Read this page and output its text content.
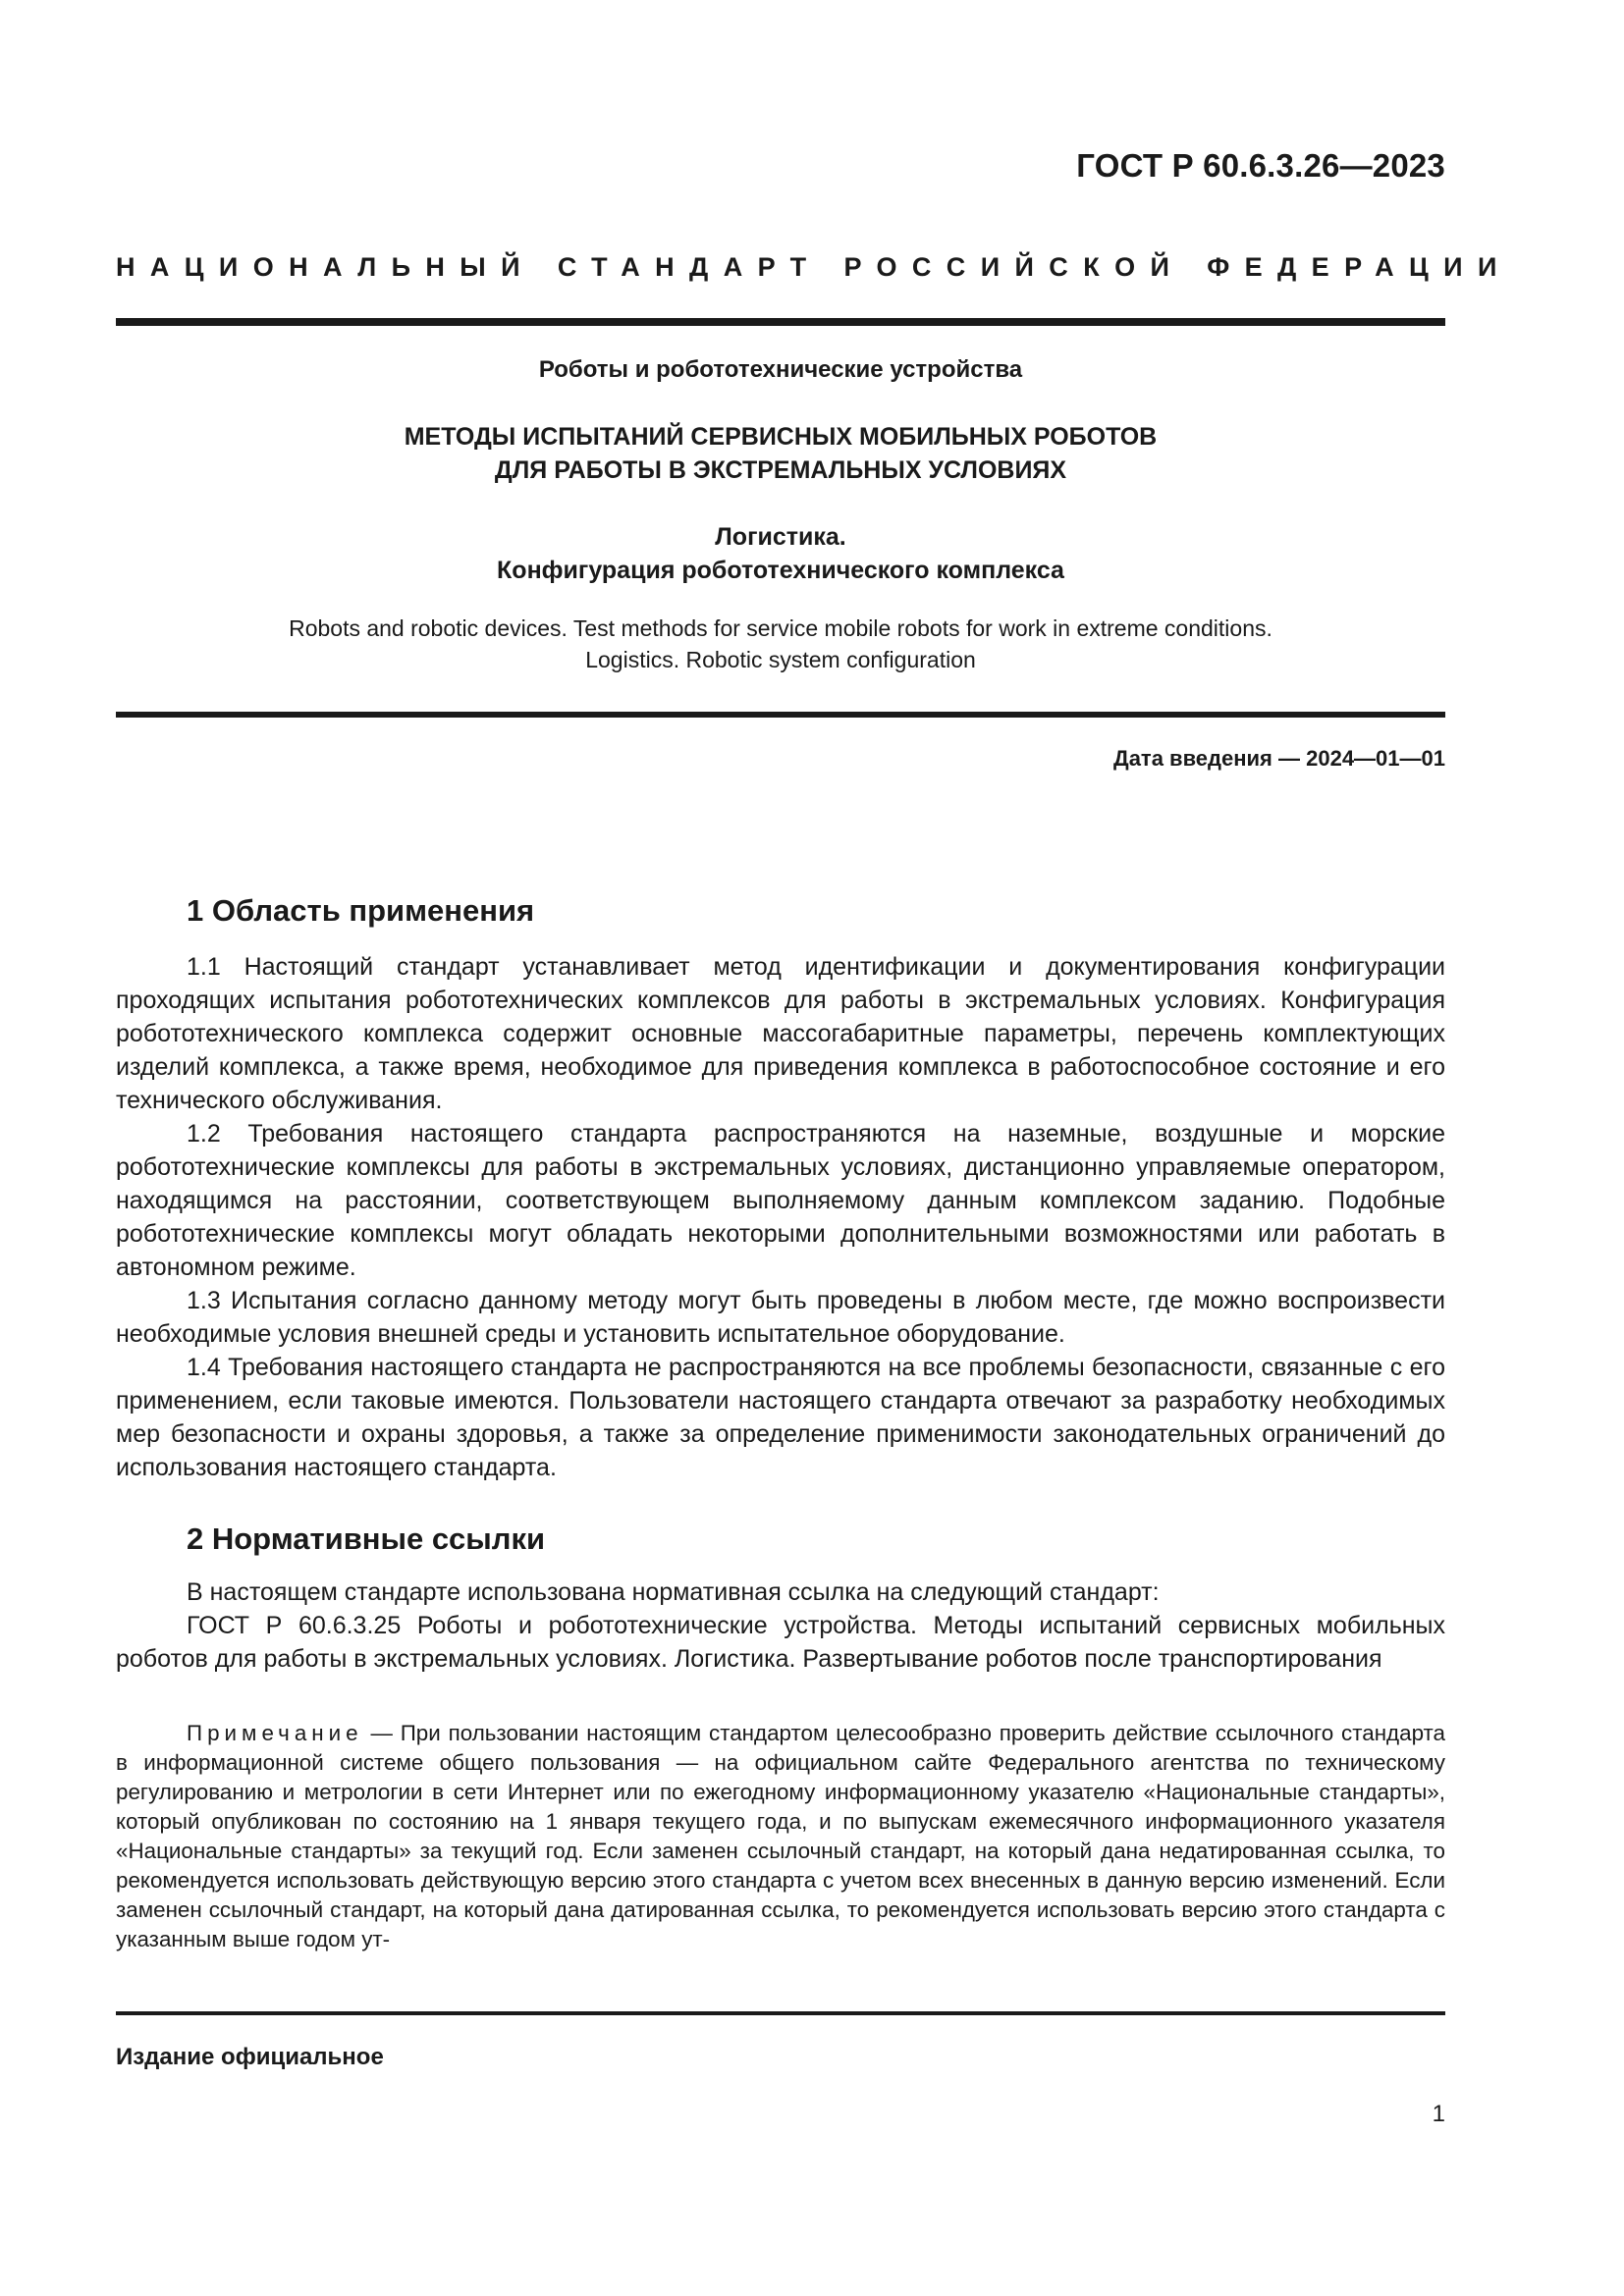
ГОСТ Р 60.6.3.26—2023
НАЦИОНАЛЬНЫЙ СТАНДАРТ РОССИЙСКОЙ ФЕДЕРАЦИИ
Роботы и робототехнические устройства
МЕТОДЫ ИСПЫТАНИЙ СЕРВИСНЫХ МОБИЛЬНЫХ РОБОТОВ
ДЛЯ РАБОТЫ В ЭКСТРЕМАЛЬНЫХ УСЛОВИЯХ
Логистика.
Конфигурация робототехнического комплекса
Robots and robotic devices. Test methods for service mobile robots for work in extreme conditions.
Logistics. Robotic system configuration
Дата введения — 2024—01—01
1 Область применения

1.1 Настоящий стандарт устанавливает метод идентификации и документирования конфигурации проходящих испытания робототехнических комплексов для работы в экстремальных условиях. Конфигурация робототехнического комплекса содержит основные массогабаритные параметры, перечень комплектующих изделий комплекса, а также время, необходимое для приведения комплекса в работоспособное состояние и его технического обслуживания.

1.2 Требования настоящего стандарта распространяются на наземные, воздушные и морские робототехнические комплексы для работы в экстремальных условиях, дистанционно управляемые оператором, находящимся на расстоянии, соответствующем выполняемому данным комплексом заданию. Подобные робототехнические комплексы могут обладать некоторыми дополнительными возможностями или работать в автономном режиме.

1.3 Испытания согласно данному методу могут быть проведены в любом месте, где можно воспроизвести необходимые условия внешней среды и установить испытательное оборудование.

1.4 Требования настоящего стандарта не распространяются на все проблемы безопасности, связанные с его применением, если таковые имеются. Пользователи настоящего стандарта отвечают за разработку необходимых мер безопасности и охраны здоровья, а также за определение применимости законодательных ограничений до использования настоящего стандарта.

2 Нормативные ссылки

В настоящем стандарте использована нормативная ссылка на следующий стандарт:

ГОСТ Р 60.6.3.25 Роботы и робототехнические устройства. Методы испытаний сервисных мобильных роботов для работы в экстремальных условиях. Логистика. Развертывание роботов после транспортирования

Примечание — При пользовании настоящим стандартом целесообразно проверить действие ссылочного стандарта в информационной системе общего пользования — на официальном сайте Федерального агентства по техническому регулированию и метрологии в сети Интернет или по ежегодному информационному указателю «Национальные стандарты», который опубликован по состоянию на 1 января текущего года, и по выпускам ежемесячного информационного указателя «Национальные стандарты» за текущий год. Если заменен ссылочный стандарт, на который дана недатированная ссылка, то рекомендуется использовать действующую версию этого стандарта с учетом всех внесенных в данную версию изменений. Если заменен ссылочный стандарт, на который дана датированная ссылка, то рекомендуется использовать версию этого стандарта с указанным выше годом ут-

Издание официальное
1
